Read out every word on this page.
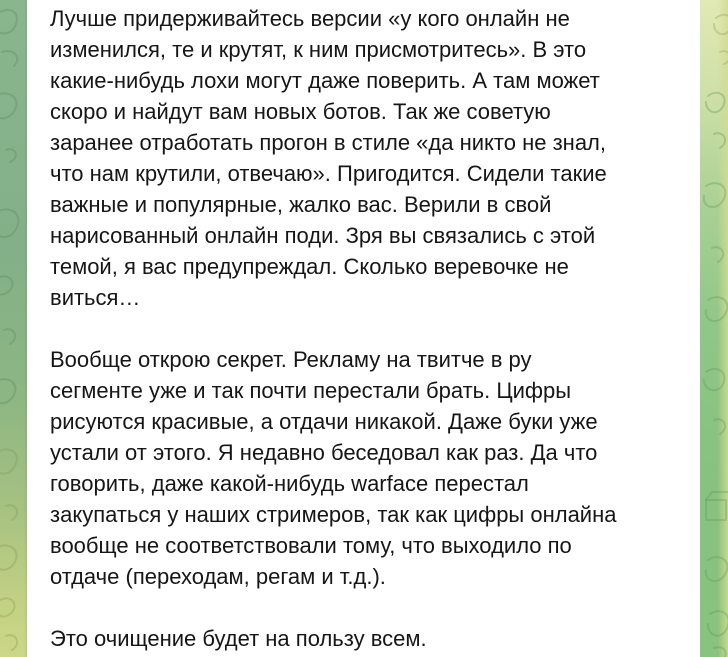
Лучше придерживайтесь версии «у кого онлайн не
изменился, те и крутят, к ним присмотритесь». В это
какие-нибудь лохи могут даже поверить. А там может
скоро и найдут вам новых ботов. Так же советую
заранее отработать прогон в стиле «да никто не знал,
что нам крутили, отвечаю». Пригодится. Сидели такие
важные и популярные, жалко вас. Верили в свой
нарисованный онлайн поди. Зря вы связались с этой
темой, я вас предупреждал. Сколько веревочке не
виться…
Вообще открою секрет. Рекламу на твитче в ру
сегменте уже и так почти перестали брать. Цифры
рисуются красивые, а отдачи никакой. Даже буки уже
устали от этого. Я недавно беседовал как раз. Да что
говорить, даже какой-нибудь warface перестал
закупаться у наших стримеров, так как цифры онлайна
вообще не соответствовали тому, что выходило по
отдаче (переходам, регам и т.д.).
Это очищение будет на пользу всем.
